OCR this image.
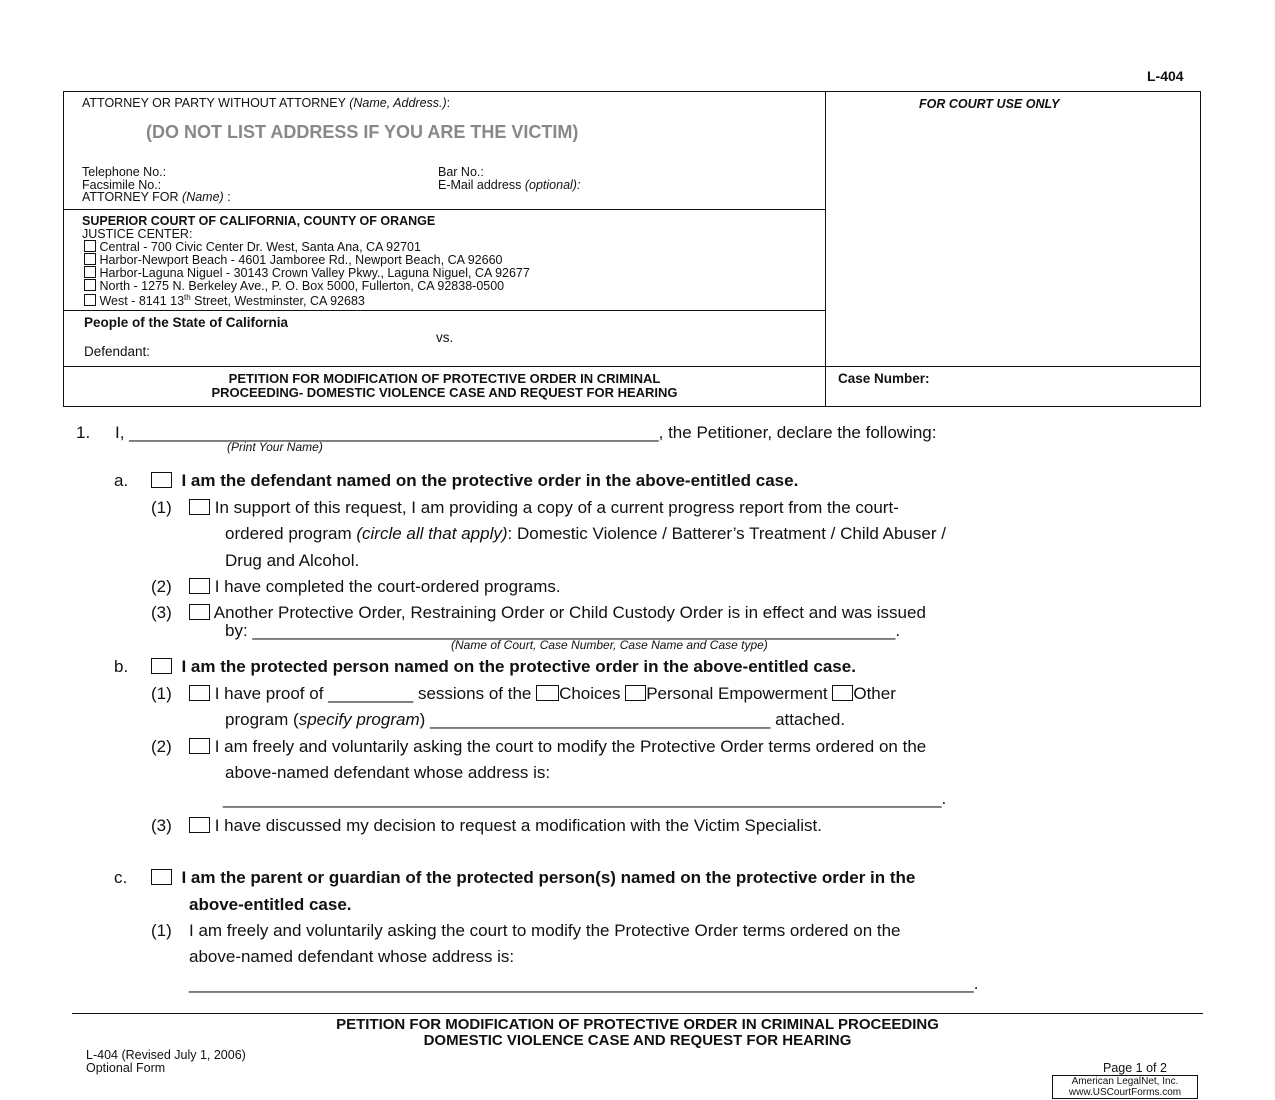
L-404
ATTORNEY OR PARTY WITHOUT ATTORNEY (Name, Address.):
(DO NOT LIST ADDRESS IF YOU ARE THE VICTIM)
Telephone No.:
Facsimile No.:
ATTORNEY FOR (Name) :
Bar No.:
E-Mail address (optional):
FOR COURT USE ONLY
SUPERIOR COURT OF CALIFORNIA, COUNTY OF ORANGE
JUSTICE CENTER:
Central - 700 Civic Center Dr. West, Santa Ana, CA 92701
Harbor-Newport Beach - 4601 Jamboree Rd., Newport Beach, CA 92660
Harbor-Laguna Niguel - 30143 Crown Valley Pkwy., Laguna Niguel, CA 92677
North - 1275 N. Berkeley Ave., P. O. Box 5000, Fullerton, CA 92838-0500
West - 8141 13th Street, Westminster, CA 92683
People of the State of California
vs.
Defendant:
PETITION FOR MODIFICATION OF PROTECTIVE ORDER IN CRIMINAL
PROCEEDING- DOMESTIC VIOLENCE CASE AND REQUEST FOR HEARING
Case Number:
1. I, ________________________________________________________, the Petitioner, declare the following:
(Print Your Name)
a.	I am the defendant named on the protective order in the above-entitled case.
(1)	In support of this request, I am providing a copy of a current progress report from the court-
ordered program (circle all that apply): Domestic Violence / Batterer’s Treatment / Child Abuser /
Drug and Alcohol.
(2)	I have completed the court-ordered programs.
(3)	Another Protective Order, Restraining Order or Child Custody Order is in effect and was issued
by: ____________________________________________________________________.
(Name of Court, Case Number, Case Name and Case type)
b.	I am the protected person named on the protective order in the above-entitled case.
(1)	I have proof of _________ sessions of the Choices Personal Empowerment Other
program (specify program) ____________________________________ attached.
(2)	I am freely and voluntarily asking the court to modify the Protective Order terms ordered on the
above-named defendant whose address is:
____________________________________________________________________________.
(3)	I have discussed my decision to request a modification with the Victim Specialist.
c.	I am the parent or guardian of the protected person(s) named on the protective order in the
above-entitled case.
(1) I am freely and voluntarily asking the court to modify the Protective Order terms ordered on the
above-named defendant whose address is:
___________________________________________________________________________________.
PETITION FOR MODIFICATION OF PROTECTIVE ORDER IN CRIMINAL PROCEEDING
DOMESTIC VIOLENCE CASE AND REQUEST FOR HEARING
L-404 (Revised July 1, 2006)
Optional Form	Page 1 of 2
American LegalNet, Inc.
www.USCourtForms.com
